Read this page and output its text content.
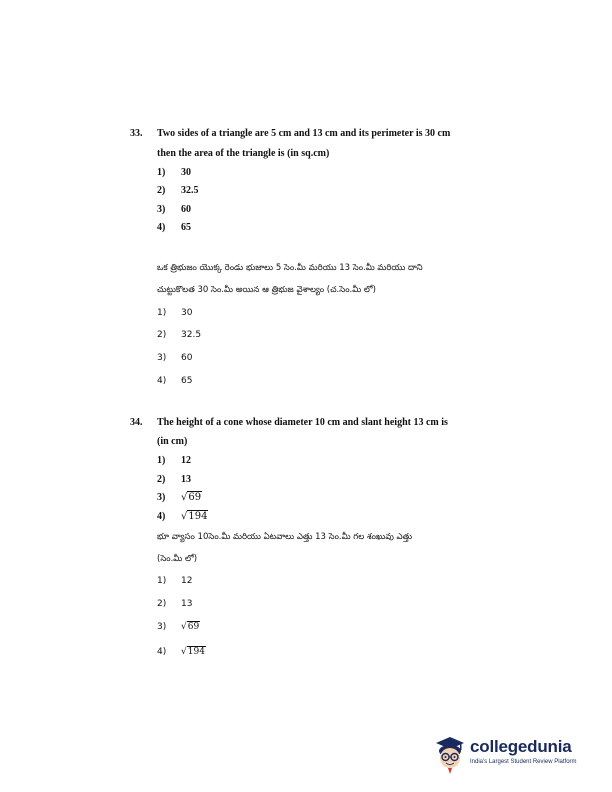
33. Two sides of a triangle are 5 cm and 13 cm and its perimeter is 30 cm
then the area of the triangle is (in sq.cm)
1) 30
2) 32.5
3) 60
4) 65
ఒక త్రిభుజం యొక్క రెండు భుజాలు 5 సెం.మీ మరియు 13 సెం.మీ మరియు దాని
చుట్టుకొలత 30 సెం.మీ అయిన ఆ త్రిభుజ వైశాల్యం (చ.సెం.మీ లో)
1) 30
2) 32.5
3) 60
4) 65
34. The height of a cone whose diameter 10 cm and slant height 13 cm is
(in cm)
1) 12
2) 13
3) √69
4) √194
భూ వ్యాసం 10సెం.మీ మరియు ఏటవాలు ఎత్తు 13 సెం.మీ గల శంఖువు ఎత్తు
(సెం.మీ లో)
1) 12
2) 13
3) √69
4) √194
collegedunia
India's Largest Student Review Platform
